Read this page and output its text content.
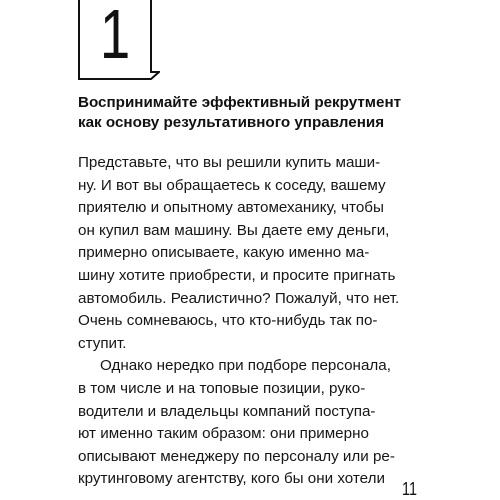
1
Воспринимайте эффективный рекрутмент
как основу результативного управления
Представьте, что вы решили купить маши-
ну. И вот вы обращаетесь к соседу, вашему
приятелю и опытному автомеханику, чтобы
он купил вам машину. Вы даете ему деньги,
примерно описываете, какую именно ма-
шину хотите приобрести, и просите пригнать
автомобиль. Реалистично? Пожалуй, что нет.
Очень сомневаюсь, что кто-нибудь так по-
ступит.
Однако нередко при подборе персонала,
в том числе и на топовые позиции, руко-
водители и владельцы компаний поступа-
ют именно таким образом: они примерно
описывают менеджеру по персоналу или ре-
крутинговому агентству, кого бы они хотели
11
